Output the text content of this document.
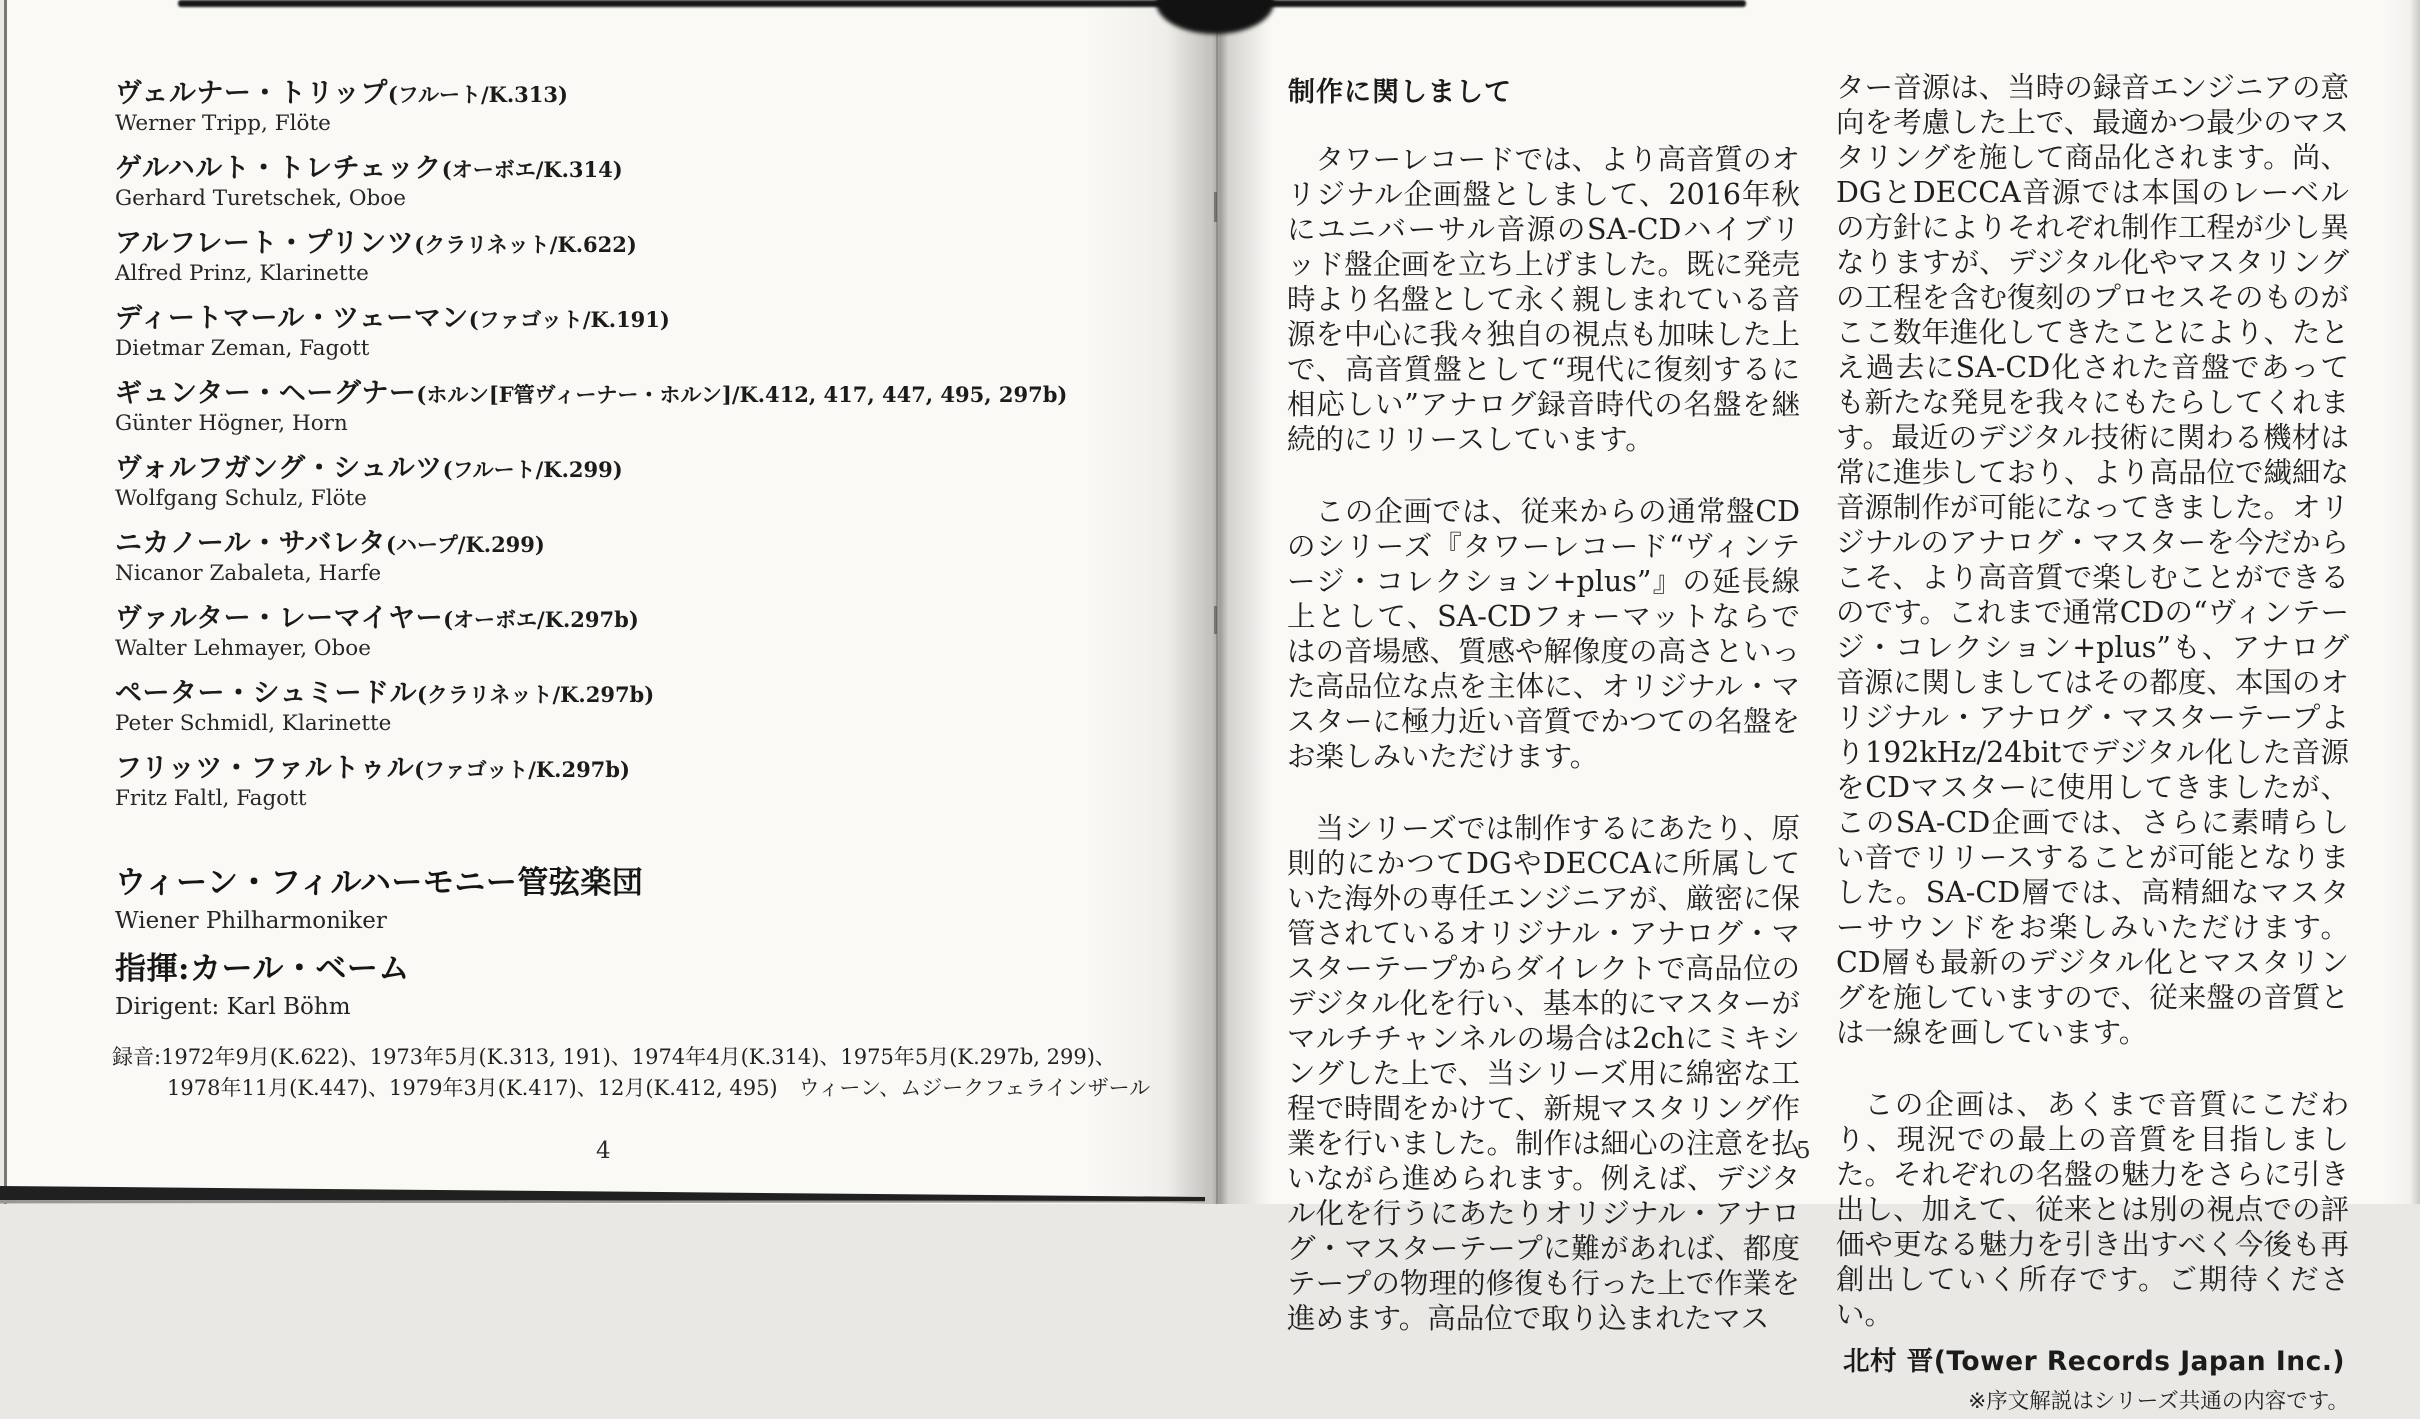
ヴェルナー・トリップ(フルート/K.313)
Werner Tripp, Flöte
ゲルハルト・トレチェック(オーボエ/K.314)
Gerhard Turetschek, Oboe
アルフレート・プリンツ(クラリネット/K.622)
Alfred Prinz, Klarinette
ディートマール・ツェーマン(ファゴット/K.191)
Dietmar Zeman, Fagott
ギュンター・ヘーグナー(ホルン[F管ヴィーナー・ホルン]/K.412, 417, 447, 495, 297b)
Günter Högner, Horn
ヴォルフガング・シュルツ(フルート/K.299)
Wolfgang Schulz, Flöte
ニカノール・サバレタ(ハープ/K.299)
Nicanor Zabaleta, Harfe
ヴァルター・レーマイヤー(オーボエ/K.297b)
Walter Lehmayer, Oboe
ペーター・シュミードル(クラリネット/K.297b)
Peter Schmidl, Klarinette
フリッツ・ファルトゥル(ファゴット/K.297b)
Fritz Faltl, Fagott
ウィーン・フィルハーモニー管弦楽団
Wiener Philharmoniker
指揮:カール・ベーム
Dirigent: Karl Böhm
録音:1972年9月(K.622)、1973年5月(K.313, 191)、1974年4月(K.314)、1975年5月(K.297b, 299)、
1978年11月(K.447)、1979年3月(K.417)、12月(K.412, 495)　ウィーン、ムジークフェラインザール
4
制作に関しまして

タワーレコードでは、より高音質のオリジナル企画盤としまして、2016年秋にユニバーサル音源のSA-CDハイブリッド盤企画を立ち上げました。既に発売時より名盤として永く親しまれている音源を中心に我々独自の視点も加味した上で、高音質盤として“現代に復刻するに相応しい”アナログ録音時代の名盤を継続的にリリースしています。

この企画では、従来からの通常盤CDのシリーズ『タワーレコード“ヴィンテージ・コレクション+plus”』の延長線上として、SA-CDフォーマットならではの音場感、質感や解像度の高さといった高品位な点を主体に、オリジナル・マスターに極力近い音質でかつての名盤をお楽しみいただけます。

当シリーズでは制作するにあたり、原則的にかつてDGやDECCAに所属していた海外の専任エンジニアが、厳密に保管されているオリジナル・アナログ・マスターテープからダイレクトで高品位のデジタル化を行い、基本的にマスターがマルチチャンネルの場合は2chにミキシングした上で、当シリーズ用に綿密な工程で時間をかけて、新規マスタリング作業を行いました。制作は細心の注意を払いながら進められます。例えば、デジタル化を行うにあたりオリジナル・アナログ・マスターテープに難があれば、都度テープの物理的修復も行った上で作業を進めます。高品位で取り込まれたマス

ター音源は、当時の録音エンジニアの意向を考慮した上で、最適かつ最少のマスタリングを施して商品化されます。尚、DGとDECCA音源では本国のレーベルの方針によりそれぞれ制作工程が少し異なりますが、デジタル化やマスタリングの工程を含む復刻のプロセスそのものがここ数年進化してきたことにより、たとえ過去にSA-CD化された音盤であっても新たな発見を我々にもたらしてくれます。最近のデジタル技術に関わる機材は常に進歩しており、より高品位で繊細な音源制作が可能になってきました。オリジナルのアナログ・マスターを今だからこそ、より高音質で楽しむことができるのです。これまで通常CDの“ヴィンテージ・コレクション+plus”も、アナログ音源に関しましてはその都度、本国のオリジナル・アナログ・マスターテープより192kHz/24bitでデジタル化した音源をCDマスターに使用してきましたが、このSA-CD企画では、さらに素晴らしい音でリリースすることが可能となりました。SA-CD層では、高精細なマスターサウンドをお楽しみいただけます。CD層も最新のデジタル化とマスタリングを施していますので、従来盤の音質とは一線を画しています。

この企画は、あくまで音質にこだわり、現況での最上の音質を目指しました。それぞれの名盤の魅力をさらに引き出し、加えて、従来とは別の視点での評価や更なる魅力を引き出すべく今後も再創出していく所存です。ご期待ください。

北村 晋(Tower Records Japan Inc.)
※序文解説はシリーズ共通の内容です。
5
